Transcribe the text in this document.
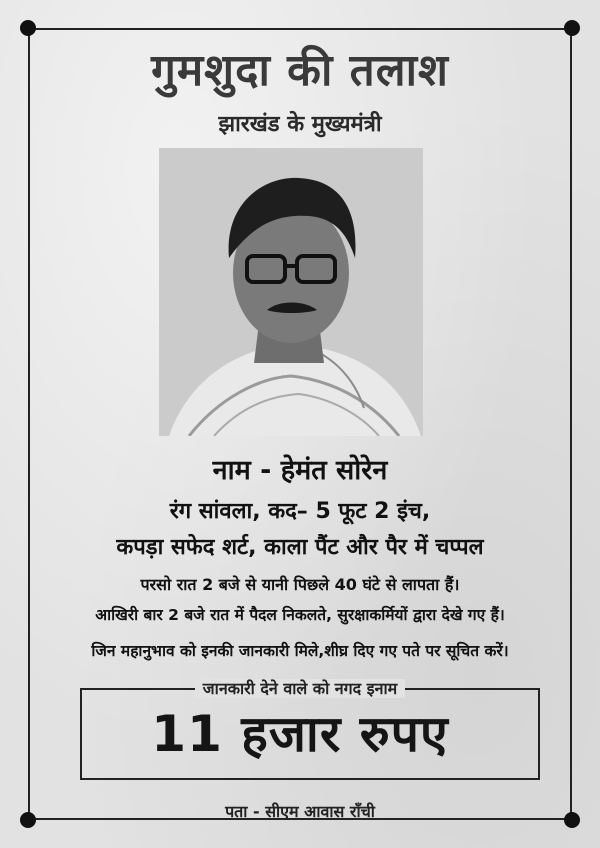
गुमशुदा की तलाश
झारखंड के मुख्यमंत्री
नाम - हेमंत सोरेन
रंग सांवला, कद– 5 फूट 2 इंच,
कपड़ा सफेद शर्ट, काला पैंट और पैर में चप्पल
परसो रात 2 बजे से यानी पिछले 40 घंटे से लापता हैं।
आखिरी बार 2 बजे रात में पैदल निकलते, सुरक्षाकर्मियों द्वारा देखे गए हैं।
जिन महानुभाव को इनकी जानकारी मिले,शीघ्र दिए गए पते पर सूचित करें।
जानकारी देने वाले को नगद इनाम
11 हजार रुपए
पता - सीएम आवास राँची
